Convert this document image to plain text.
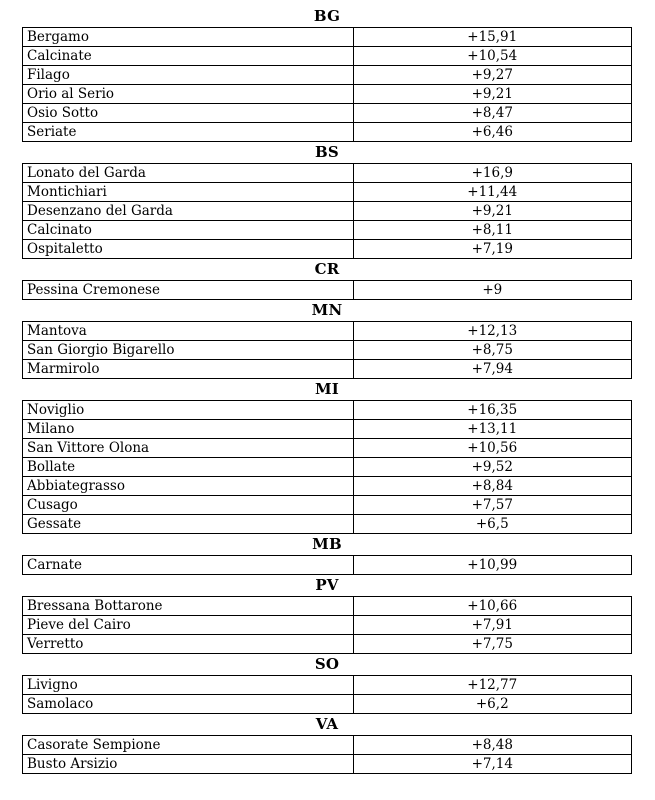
BG
Bergamo	+15,91
Calcinate	+10,54
Filago	+9,27
Orio al Serio	+9,21
Osio Sotto	+8,47
Seriate	+6,46
BS
Lonato del Garda	+16,9
Montichiari	+11,44
Desenzano del Garda	+9,21
Calcinato	+8,11
Ospitaletto	+7,19
CR
Pessina Cremonese	+9
MN
Mantova	+12,13
San Giorgio Bigarello	+8,75
Marmirolo	+7,94
MI
Noviglio	+16,35
Milano	+13,11
San Vittore Olona	+10,56
Bollate	+9,52
Abbiategrasso	+8,84
Cusago	+7,57
Gessate	+6,5
MB
Carnate	+10,99
PV
Bressana Bottarone	+10,66
Pieve del Cairo	+7,91
Verretto	+7,75
SO
Livigno	+12,77
Samolaco	+6,2
VA
Casorate Sempione	+8,48
Busto Arsizio	+7,14
